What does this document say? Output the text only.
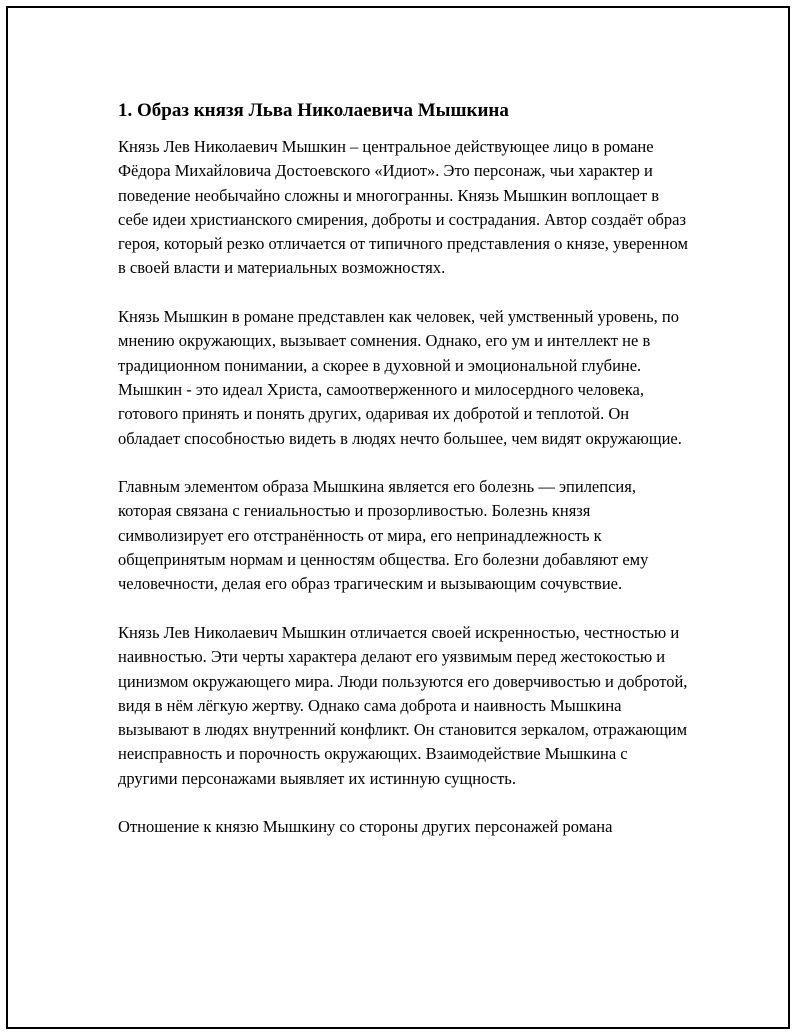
1. Образ князя Льва Николаевича Мышкина

Князь Лев Николаевич Мышкин – центральное действующее лицо в романе Фёдора Михайловича Достоевского «Идиот». Это персонаж, чьи характер и поведение необычайно сложны и многогранны. Князь Мышкин воплощает в себе идеи христианского смирения, доброты и сострадания. Автор создаёт образ героя, который резко отличается от типичного представления о князе, уверенном в своей власти и материальных возможностях.

Князь Мышкин в романе представлен как человек, чей умственный уровень, по мнению окружающих, вызывает сомнения. Однако, его ум и интеллект не в традиционном понимании, а скорее в духовной и эмоциональной глубине. Мышкин - это идеал Христа, самоотверженного и милосердного человека, готового принять и понять других, одаривая их добротой и теплотой. Он обладает способностью видеть в людях нечто большее, чем видят окружающие.

Главным элементом образа Мышкина является его болезнь — эпилепсия, которая связана с гениальностью и прозорливостью. Болезнь князя символизирует его отстранённость от мира, его непринадлежность к общепринятым нормам и ценностям общества. Его болезни добавляют ему человечности, делая его образ трагическим и вызывающим сочувствие.

Князь Лев Николаевич Мышкин отличается своей искренностью, честностью и наивностью. Эти черты характера делают его уязвимым перед жестокостью и цинизмом окружающего мира. Люди пользуются его доверчивостью и добротой, видя в нём лёгкую жертву. Однако сама доброта и наивность Мышкина вызывают в людях внутренний конфликт. Он становится зеркалом, отражающим неисправность и порочность окружающих. Взаимодействие Мышкина с другими персонажами выявляет их истинную сущность.

Отношение к князю Мышкину со стороны других персонажей романа
